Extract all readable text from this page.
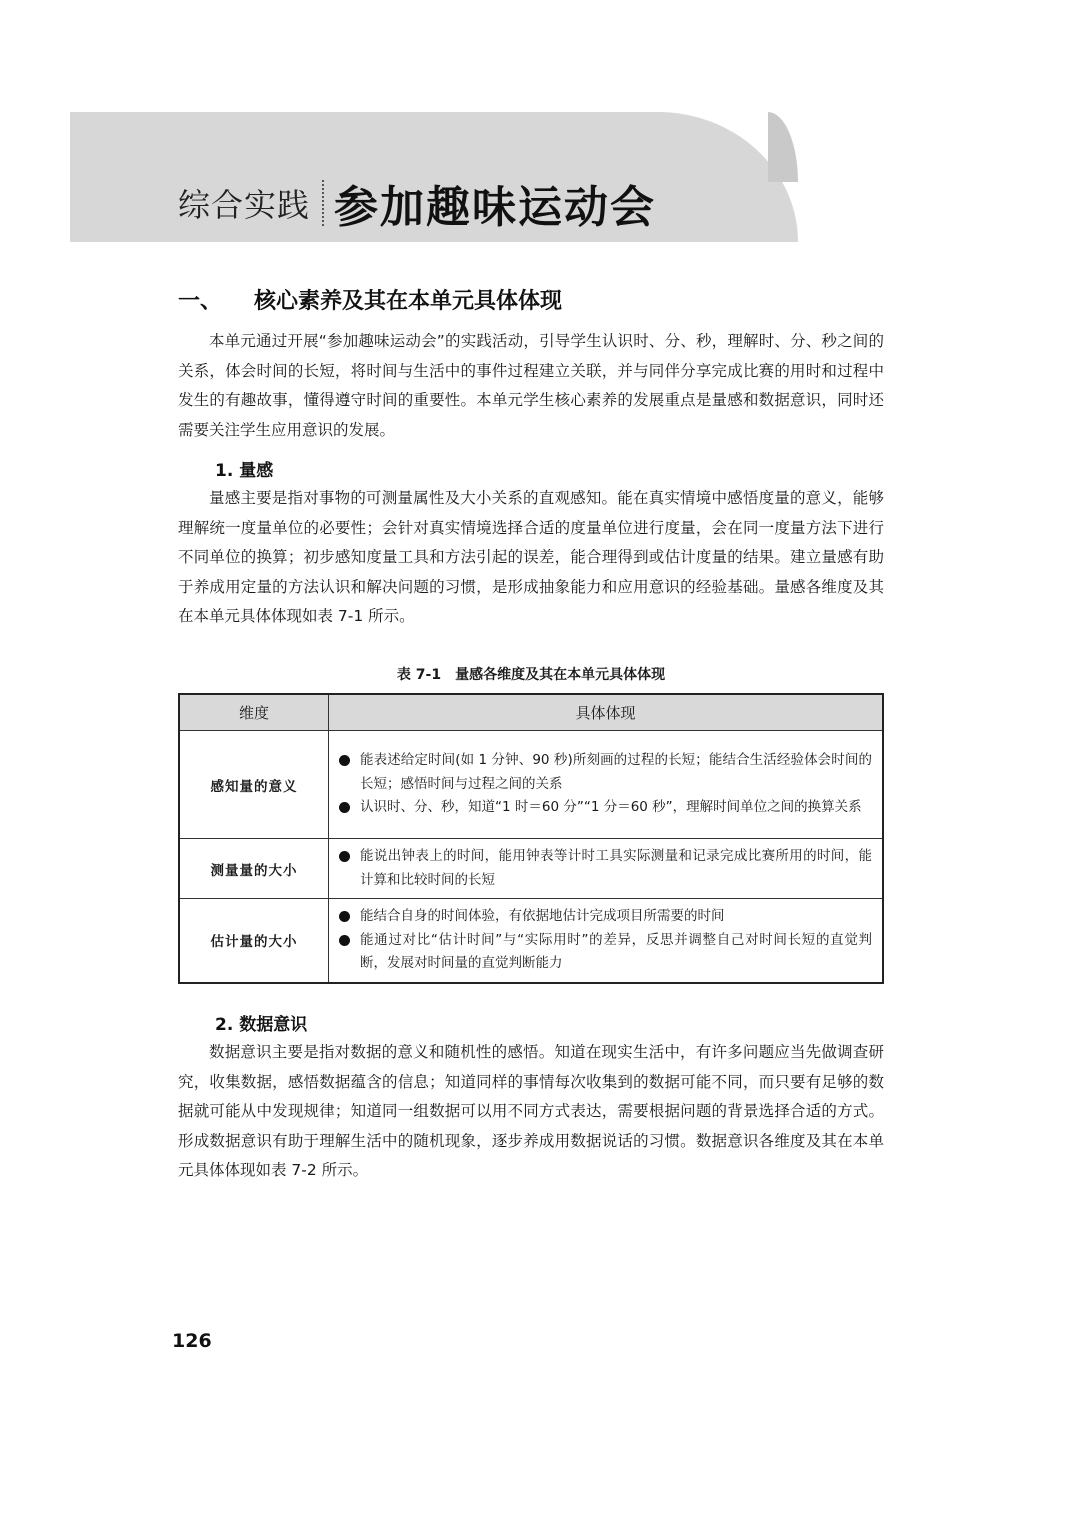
综合实践 参加趣味运动会
一、 核心素养及其在本单元具体体现

本单元通过开展“参加趣味运动会”的实践活动，引导学生认识时、分、秒，理解时、分、秒之间的关系，体会时间的长短，将时间与生活中的事件过程建立关联，并与同伴分享完成比赛的用时和过程中发生的有趣故事，懂得遵守时间的重要性。本单元学生核心素养的发展重点是量感和数据意识，同时还需要关注学生应用意识的发展。

1. 量感

量感主要是指对事物的可测量属性及大小关系的直观感知。能在真实情境中感悟度量的意义，能够理解统一度量单位的必要性；会针对真实情境选择合适的度量单位进行度量，会在同一度量方法下进行不同单位的换算；初步感知度量工具和方法引起的误差，能合理得到或估计度量的结果。建立量感有助于养成用定量的方法认识和解决问题的习惯，是形成抽象能力和应用意识的经验基础。量感各维度及其在本单元具体体现如表 7-1 所示。

表 7-1　量感各维度及其在本单元具体体现
维度	具体体现
感知量的意义	能表述给定时间(如 1 分钟、90 秒)所刻画的过程的长短；能结合生活经验体会时间的长短；感悟时间与过程之间的关系
认识时、分、秒，知道“1 时＝60 分”“1 分＝60 秒”，理解时间单位之间的换算关系

测量量的大小	能说出钟表上的时间，能用钟表等计时工具实际测量和记录完成比赛所用的时间，能计算和比较时间的长短

估计量的大小	能结合自身的时间体验，有依据地估计完成项目所需要的时间
能通过对比“估计时间”与“实际用时”的差异，反思并调整自己对时间长短的直觉判断，发展对时间量的直觉判断能力
2. 数据意识

数据意识主要是指对数据的意义和随机性的感悟。知道在现实生活中，有许多问题应当先做调查研究，收集数据，感悟数据蕴含的信息；知道同样的事情每次收集到的数据可能不同，而只要有足够的数据就可能从中发现规律；知道同一组数据可以用不同方式表达，需要根据问题的背景选择合适的方式。形成数据意识有助于理解生活中的随机现象，逐步养成用数据说话的习惯。数据意识各维度及其在本单元具体体现如表 7-2 所示。

126
